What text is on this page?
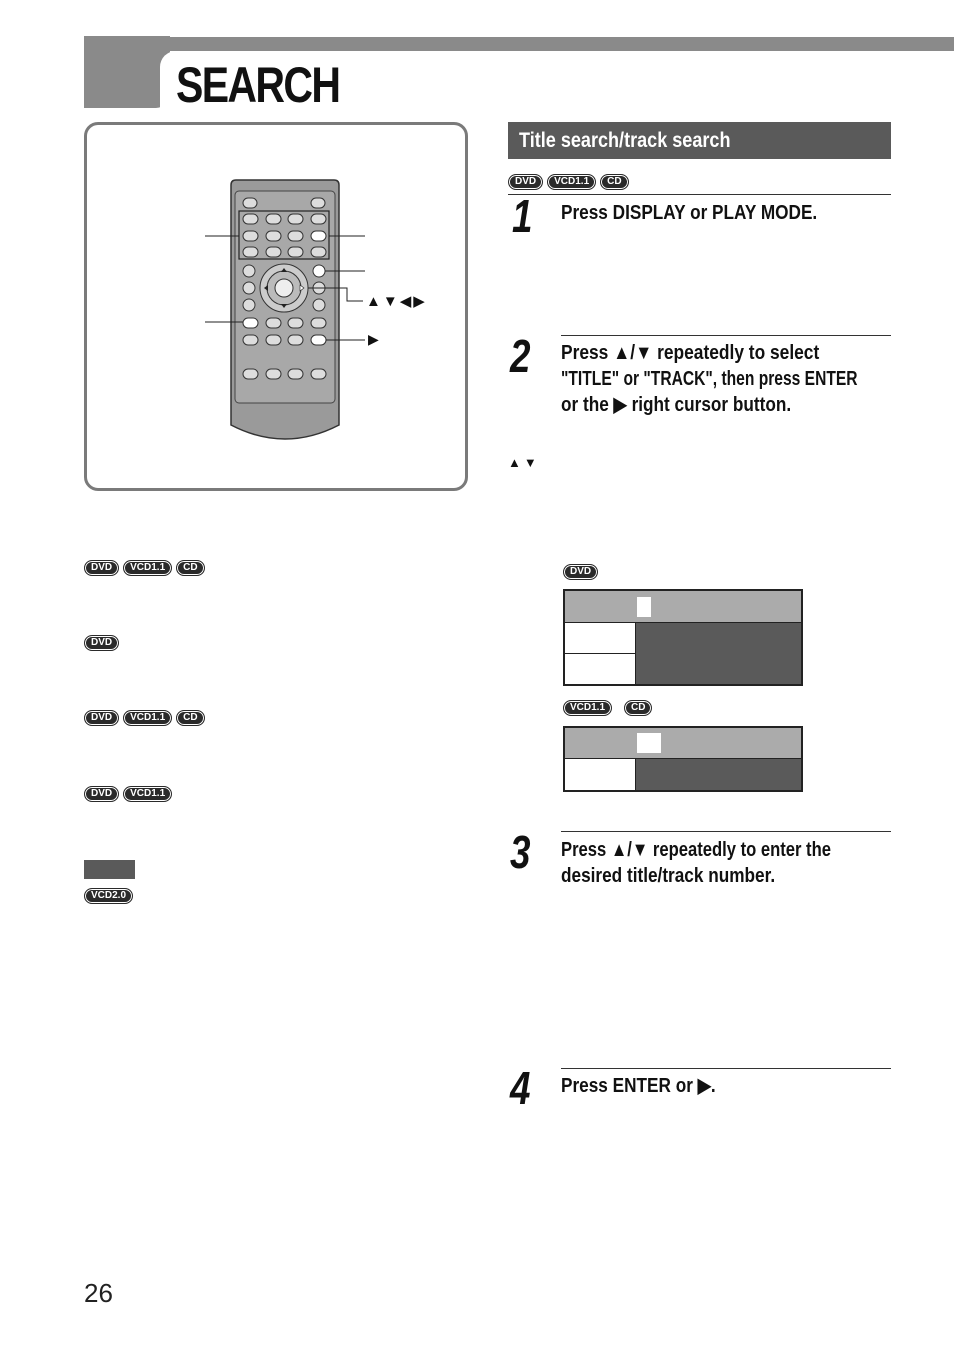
SEARCH
▲▼◀▶
▶
DVD VCD1.1 CD
DVD
DVD VCD1.1 CD
DVD VCD1.1
VCD2.0
Title search/track search
DVD VCD1.1 CD
1 Press DISPLAY or PLAY MODE.
2 Press ▲/▼ repeatedly to select
"TITLE" or "TRACK", then press ENTER
or the ▶ right cursor button.
▲▼
DVD
VCD1.1	CD
3 Press ▲/▼ repeatedly to enter the
desired title/track number.
4 Press ENTER or ▶.
26
